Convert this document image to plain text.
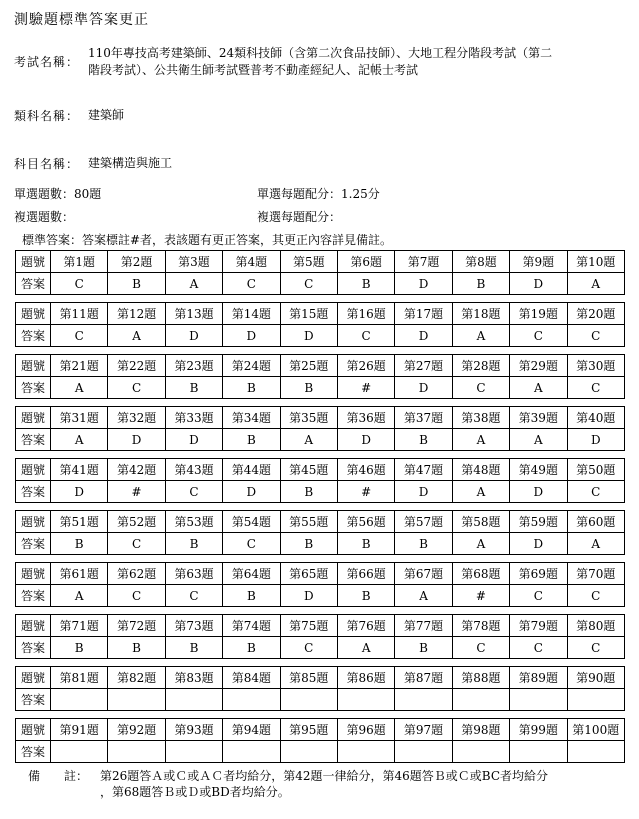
測驗題標準答案更正
考試名稱：
110年專技高考建築師、24類科技師（含第二次食品技師）、大地工程分階段考試（第二
階段考試）、公共衛生師考試暨普考不動產經紀人、記帳士考試
類科名稱： 建築師
科目名稱： 建築構造與施工
單選題數：80題	單選每題配分：1.25分
複選題數：	複選每題配分：
標準答案：答案標註#者，表該題有更正答案，其更正內容詳見備註。
題號	第1題	第2題	第3題	第4題	第5題	第6題	第7題	第8題	第9題	第10題
答案	C	B	A	C	C	B	D	B	D	A
題號	第11題	第12題	第13題	第14題	第15題	第16題	第17題	第18題	第19題	第20題
答案	C	A	D	D	D	C	D	A	C	C
題號	第21題	第22題	第23題	第24題	第25題	第26題	第27題	第28題	第29題	第30題
答案	A	C	B	B	B	#	D	C	A	C
題號	第31題	第32題	第33題	第34題	第35題	第36題	第37題	第38題	第39題	第40題
答案	A	D	D	B	A	D	B	A	A	D
題號	第41題	第42題	第43題	第44題	第45題	第46題	第47題	第48題	第49題	第50題
答案	D	#	C	D	B	#	D	A	D	C
題號	第51題	第52題	第53題	第54題	第55題	第56題	第57題	第58題	第59題	第60題
答案	B	C	B	C	B	B	B	A	D	A
題號	第61題	第62題	第63題	第64題	第65題	第66題	第67題	第68題	第69題	第70題
答案	A	C	C	B	D	B	A	#	C	C
題號	第71題	第72題	第73題	第74題	第75題	第76題	第77題	第78題	第79題	第80題
答案	B	B	B	B	C	A	B	C	C	C
題號	第81題	第82題	第83題	第84題	第85題	第86題	第87題	第88題	第89題	第90題
答案										
題號	第91題	第92題	第93題	第94題	第95題	第96題	第97題	第98題	第99題	第100題
答案										
備　　註： 第26題答Ａ或Ｃ或ＡＣ者均給分，第42題一律給分，第46題答Ｂ或Ｃ或BC者均給分
，第68題答Ｂ或Ｄ或BD者均給分。
